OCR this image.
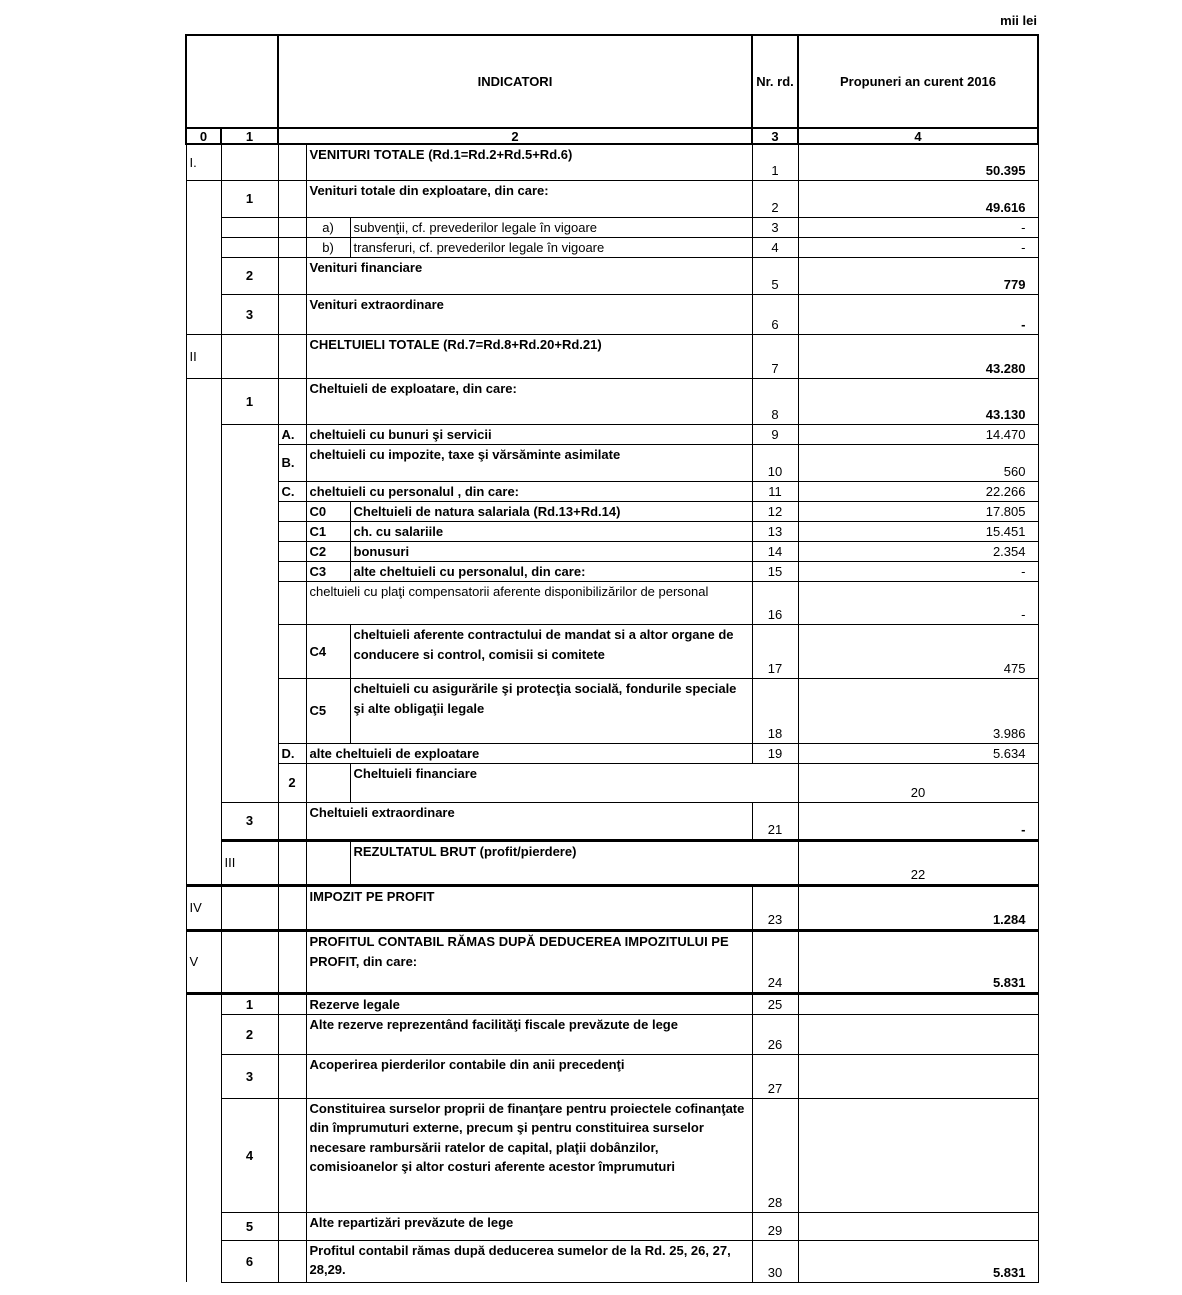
mii lei
		INDICATORI			Nr. rd.	Propuneri an curent 2016	
0	1	2			3	4	
I.			VENITURI TOTALE (Rd.1=Rd.2+Rd.5+Rd.6)		1	50.395	
	1		Venituri totale din exploatare, din care:		2	49.616	
			a)	subvenţii, cf. prevederilor legale în vigoare	3	-	
			b)	transferuri, cf. prevederilor legale în vigoare	4	-	
	2		Venituri financiare		5	779	
	3		Venituri extraordinare		6	-	
II			CHELTUIELI TOTALE (Rd.7=Rd.8+Rd.20+Rd.21)		7	43.280	
	1		Cheltuieli de exploatare, din care:		8	43.130	
		A.	cheltuieli cu bunuri şi servicii		9	14.470	
		B.	cheltuieli cu impozite, taxe şi vărsăminte asimilate		10	560	
		C.	cheltuieli cu personalul , din care:		11	22.266	
			C0	Cheltuieli de natura salariala (Rd.13+Rd.14)	12	17.805	
			C1	ch. cu salariile	13	15.451	
			C2	bonusuri	14	2.354	
			C3	alte cheltuieli cu personalul, din care:	15	-	
			cheltuieli cu plaţi compensatorii aferente disponibilizărilor de personal		16	-	
			C4	cheltuieli aferente contractului de mandat si a altor organe de conducere si control, comisii si comitete	17	475	
			C5	cheltuieli cu asigurările şi protecţia socială, fondurile speciale şi alte obligaţii legale	18	3.986	
		D.	alte cheltuieli de exploatare		19	5.634	
		2		Cheltuieli financiare		20	
	3		Cheltuieli extraordinare		21	-	
	III			REZULTATUL BRUT (profit/pierdere)		22	
IV			IMPOZIT PE PROFIT		23	1.284	
V			PROFITUL CONTABIL RĂMAS DUPĂ DEDUCEREA IMPOZITULUI PE PROFIT, din care:		24	5.831	
	1		Rezerve legale		25		
	2		Alte rezerve reprezentând facilităţi fiscale prevăzute de lege		26		
	3		Acoperirea pierderilor contabile din anii precedenţi		27		
	4		Constituirea surselor proprii de finanţare pentru proiectele cofinanţate din împrumuturi externe, precum şi pentru constituirea surselor necesare rambursării ratelor de capital, plaţii dobânzilor, comisioanelor şi altor costuri aferente acestor împrumuturi		28		
	5		Alte repartizări prevăzute de lege		29		
	6		Profitul contabil rămas după deducerea sumelor de la Rd. 25, 26, 27, 28,29.		30	5.831	
